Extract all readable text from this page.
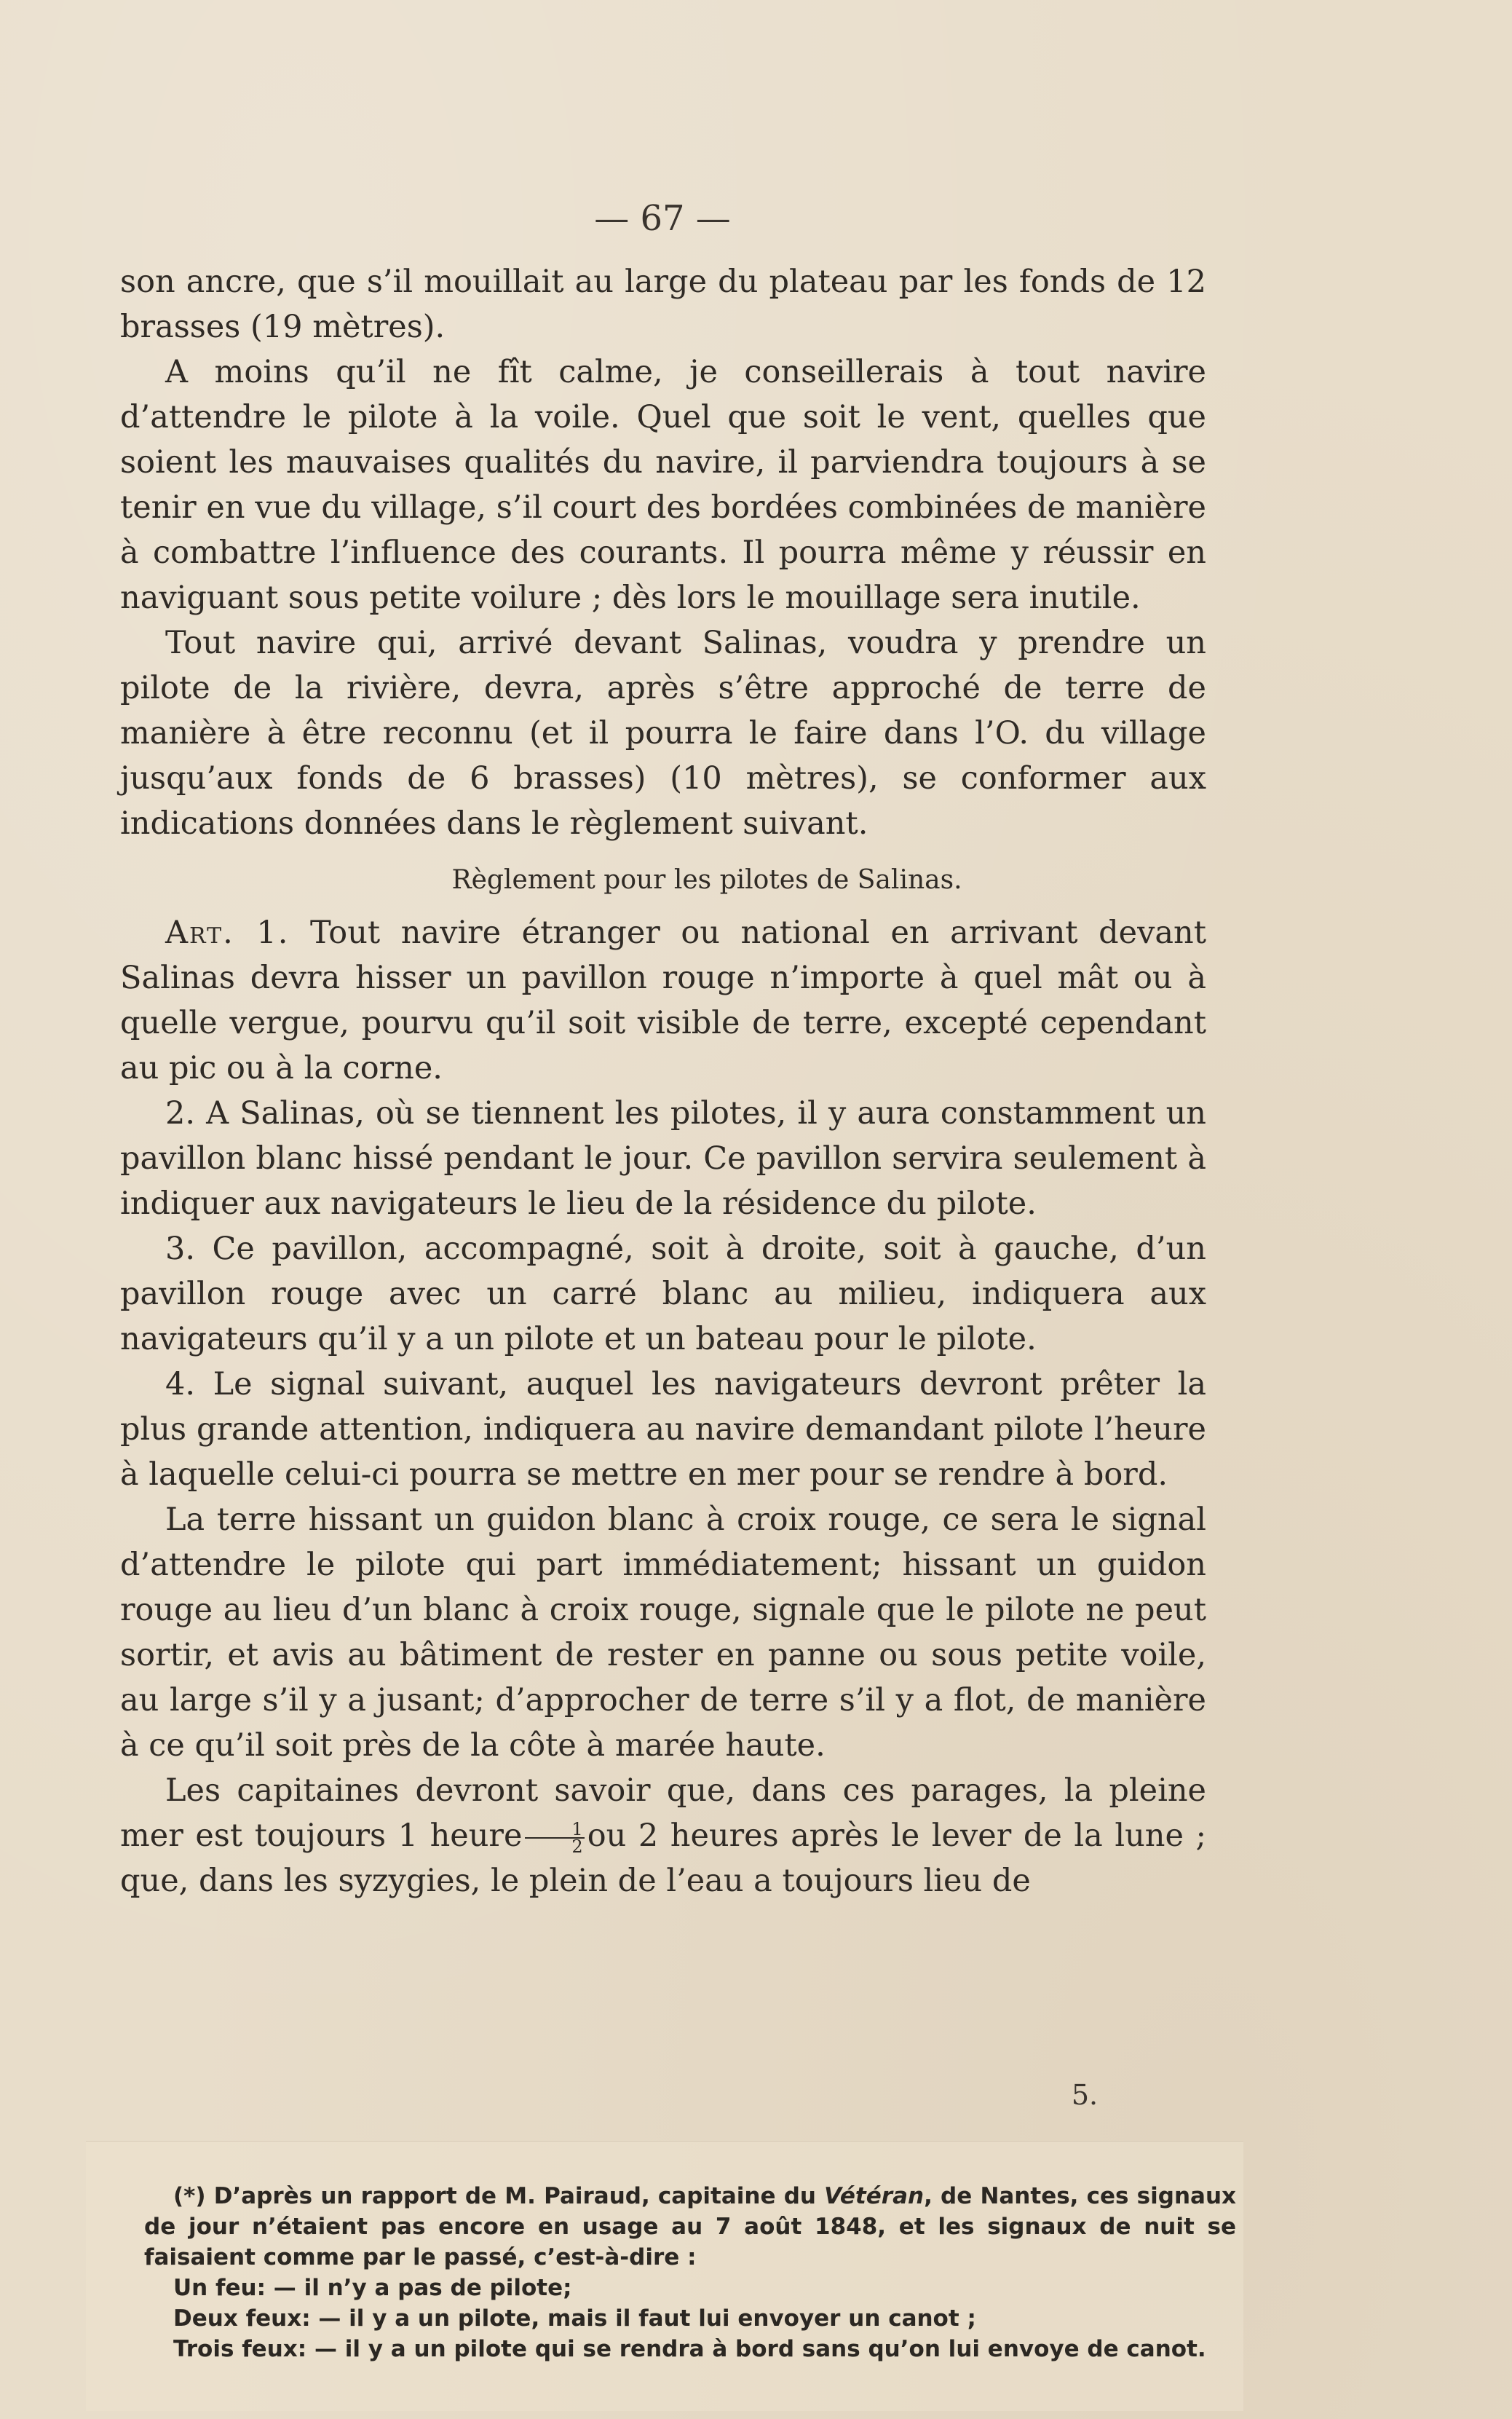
— 67 —

son ancre, que s’il mouillait au large du plateau par les fonds de 12 brasses (19 mètres).

A moins qu’il ne fît calme, je conseillerais à tout navire d’attendre le pilote à la voile. Quel que soit le vent, quelles que soient les mauvaises qualités du navire, il parviendra toujours à se tenir en vue du village, s’il court des bordées combinées de manière à combattre l’influence des courants. Il pourra même y réussir en naviguant sous petite voilure ; dès lors le mouillage sera inutile.

Tout navire qui, arrivé devant Salinas, voudra y prendre un pilote de la rivière, devra, après s’être approché de terre de manière à être reconnu (et il pourra le faire dans l’O. du village jusqu’aux fonds de 6 brasses) (10 mètres), se conformer aux indications données dans le règlement suivant.

Règlement pour les pilotes de Salinas.

Art. 1. Tout navire étranger ou national en arrivant devant Salinas devra hisser un pavillon rouge n’importe à quel mât ou à quelle vergue, pourvu qu’il soit visible de terre, excepté cependant au pic ou à la corne.

2. A Salinas, où se tiennent les pilotes, il y aura constamment un pavillon blanc hissé pendant le jour. Ce pavillon servira seulement à indiquer aux navigateurs le lieu de la résidence du pilote.

3. Ce pavillon, accompagné, soit à droite, soit à gauche, d’un pavillon rouge avec un carré blanc au milieu, indiquera aux navigateurs qu’il y a un pilote et un bateau pour le pilote.

4. Le signal suivant, auquel les navigateurs devront prêter la plus grande attention, indiquera au navire demandant pilote l’heure à laquelle celui-ci pourra se mettre en mer pour se rendre à bord.

La terre hissant un guidon blanc à croix rouge, ce sera le signal d’attendre le pilote qui part immédiatement; hissant un guidon rouge au lieu d’un blanc à croix rouge, signale que le pilote ne peut sortir, et avis au bâtiment de rester en panne ou sous petite voile, au large s’il y a jusant; d’approcher de terre s’il y a flot, de manière à ce qu’il soit près de la côte à marée haute.

Les capitaines devront savoir que, dans ces parages, la pleine mer est toujours 1 heure $\frac{1}{2}$ ou 2 heures après le lever de la lune ; que, dans les syzygies, le plein de l’eau a toujours lieu de

5.

(*) D’après un rapport de M. Pairaud, capitaine du Vétéran, de Nantes, ces signaux de jour n’étaient pas encore en usage au 7 août 1848, et les signaux de nuit se faisaient comme par le passé, c’est-à-dire :

Un feu: — il n’y a pas de pilote;

Deux feux: — il y a un pilote, mais il faut lui envoyer un canot ;

Trois feux: — il y a un pilote qui se rendra à bord sans qu’on lui envoye de canot.
